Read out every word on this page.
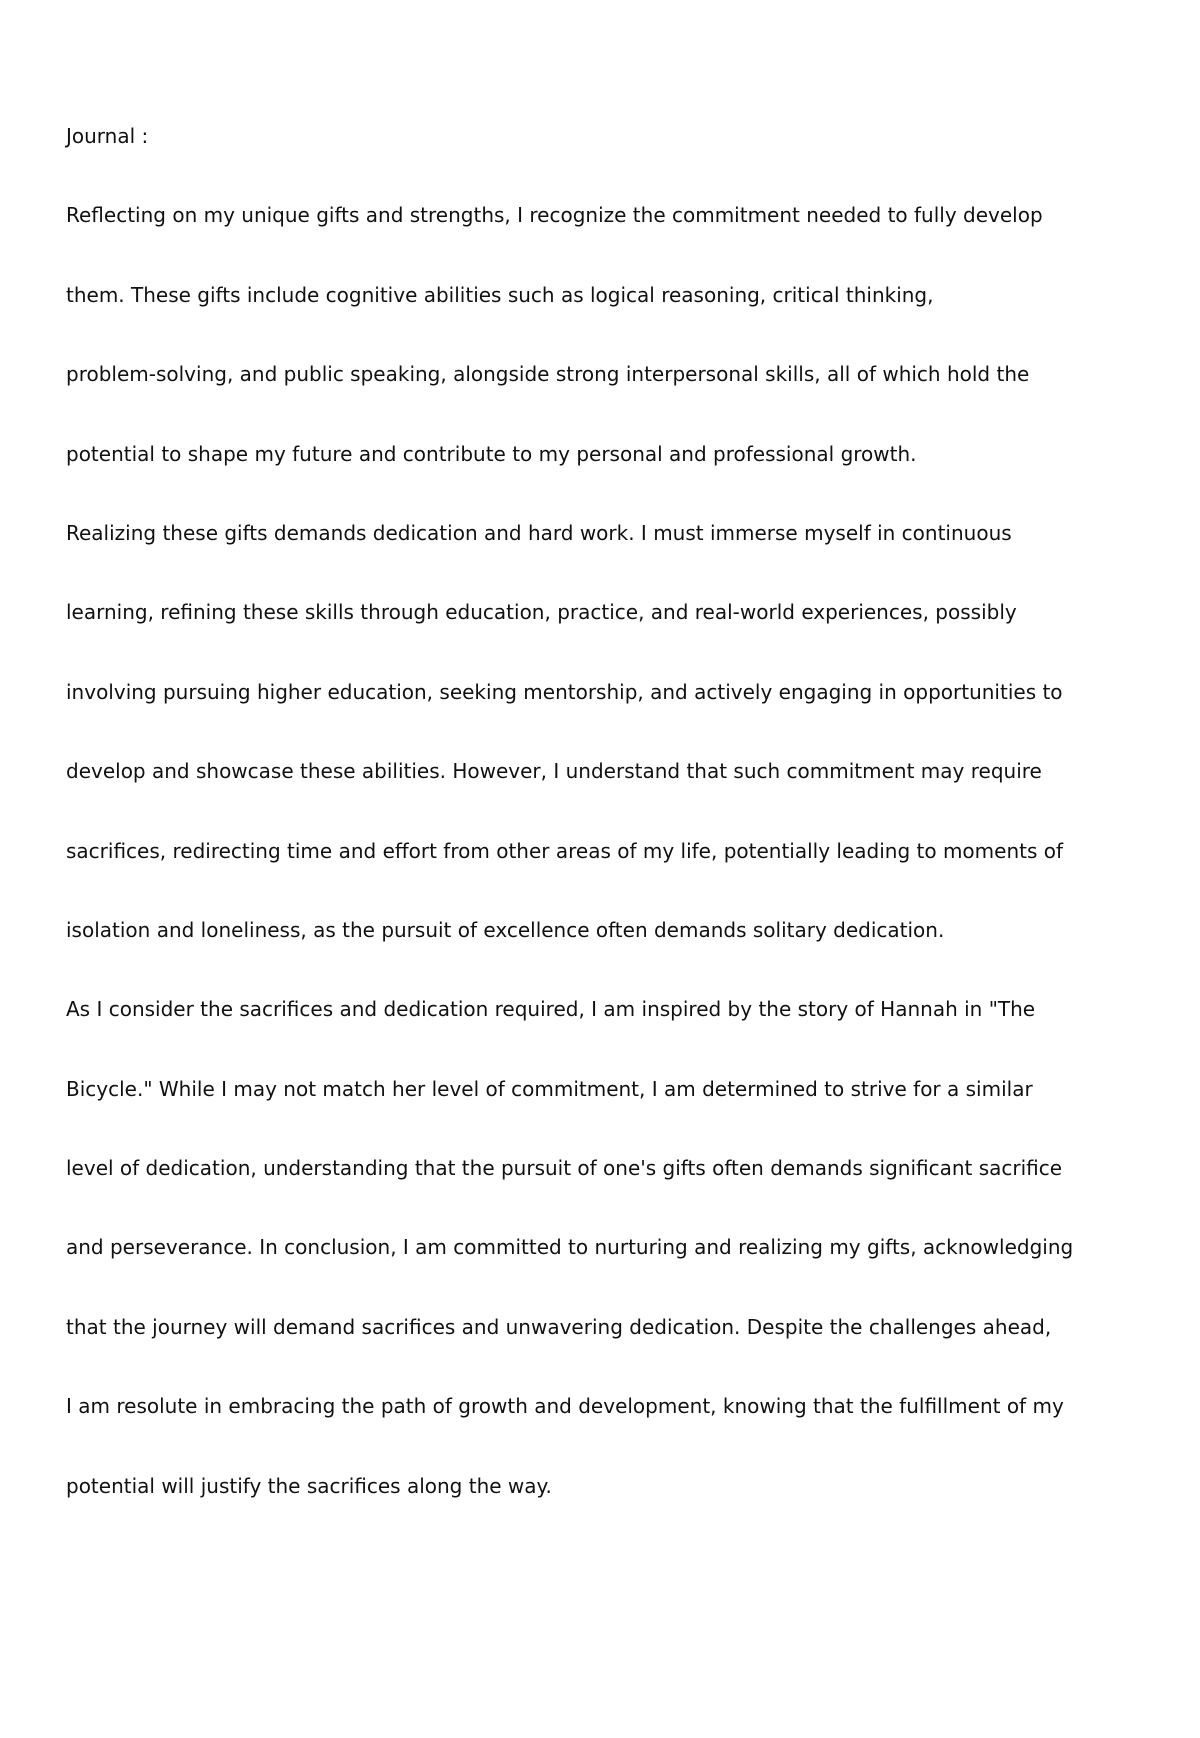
Journal :
Reflecting on my unique gifts and strengths, I recognize the commitment needed to fully develop
them. These gifts include cognitive abilities such as logical reasoning, critical thinking,
problem-solving, and public speaking, alongside strong interpersonal skills, all of which hold the
potential to shape my future and contribute to my personal and professional growth.
Realizing these gifts demands dedication and hard work. I must immerse myself in continuous
learning, refining these skills through education, practice, and real-world experiences, possibly
involving pursuing higher education, seeking mentorship, and actively engaging in opportunities to
develop and showcase these abilities. However, I understand that such commitment may require
sacrifices, redirecting time and effort from other areas of my life, potentially leading to moments of
isolation and loneliness, as the pursuit of excellence often demands solitary dedication.
As I consider the sacrifices and dedication required, I am inspired by the story of Hannah in "The
Bicycle." While I may not match her level of commitment, I am determined to strive for a similar
level of dedication, understanding that the pursuit of one's gifts often demands significant sacrifice
and perseverance. In conclusion, I am committed to nurturing and realizing my gifts, acknowledging
that the journey will demand sacrifices and unwavering dedication. Despite the challenges ahead,
I am resolute in embracing the path of growth and development, knowing that the fulfillment of my
potential will justify the sacrifices along the way.
